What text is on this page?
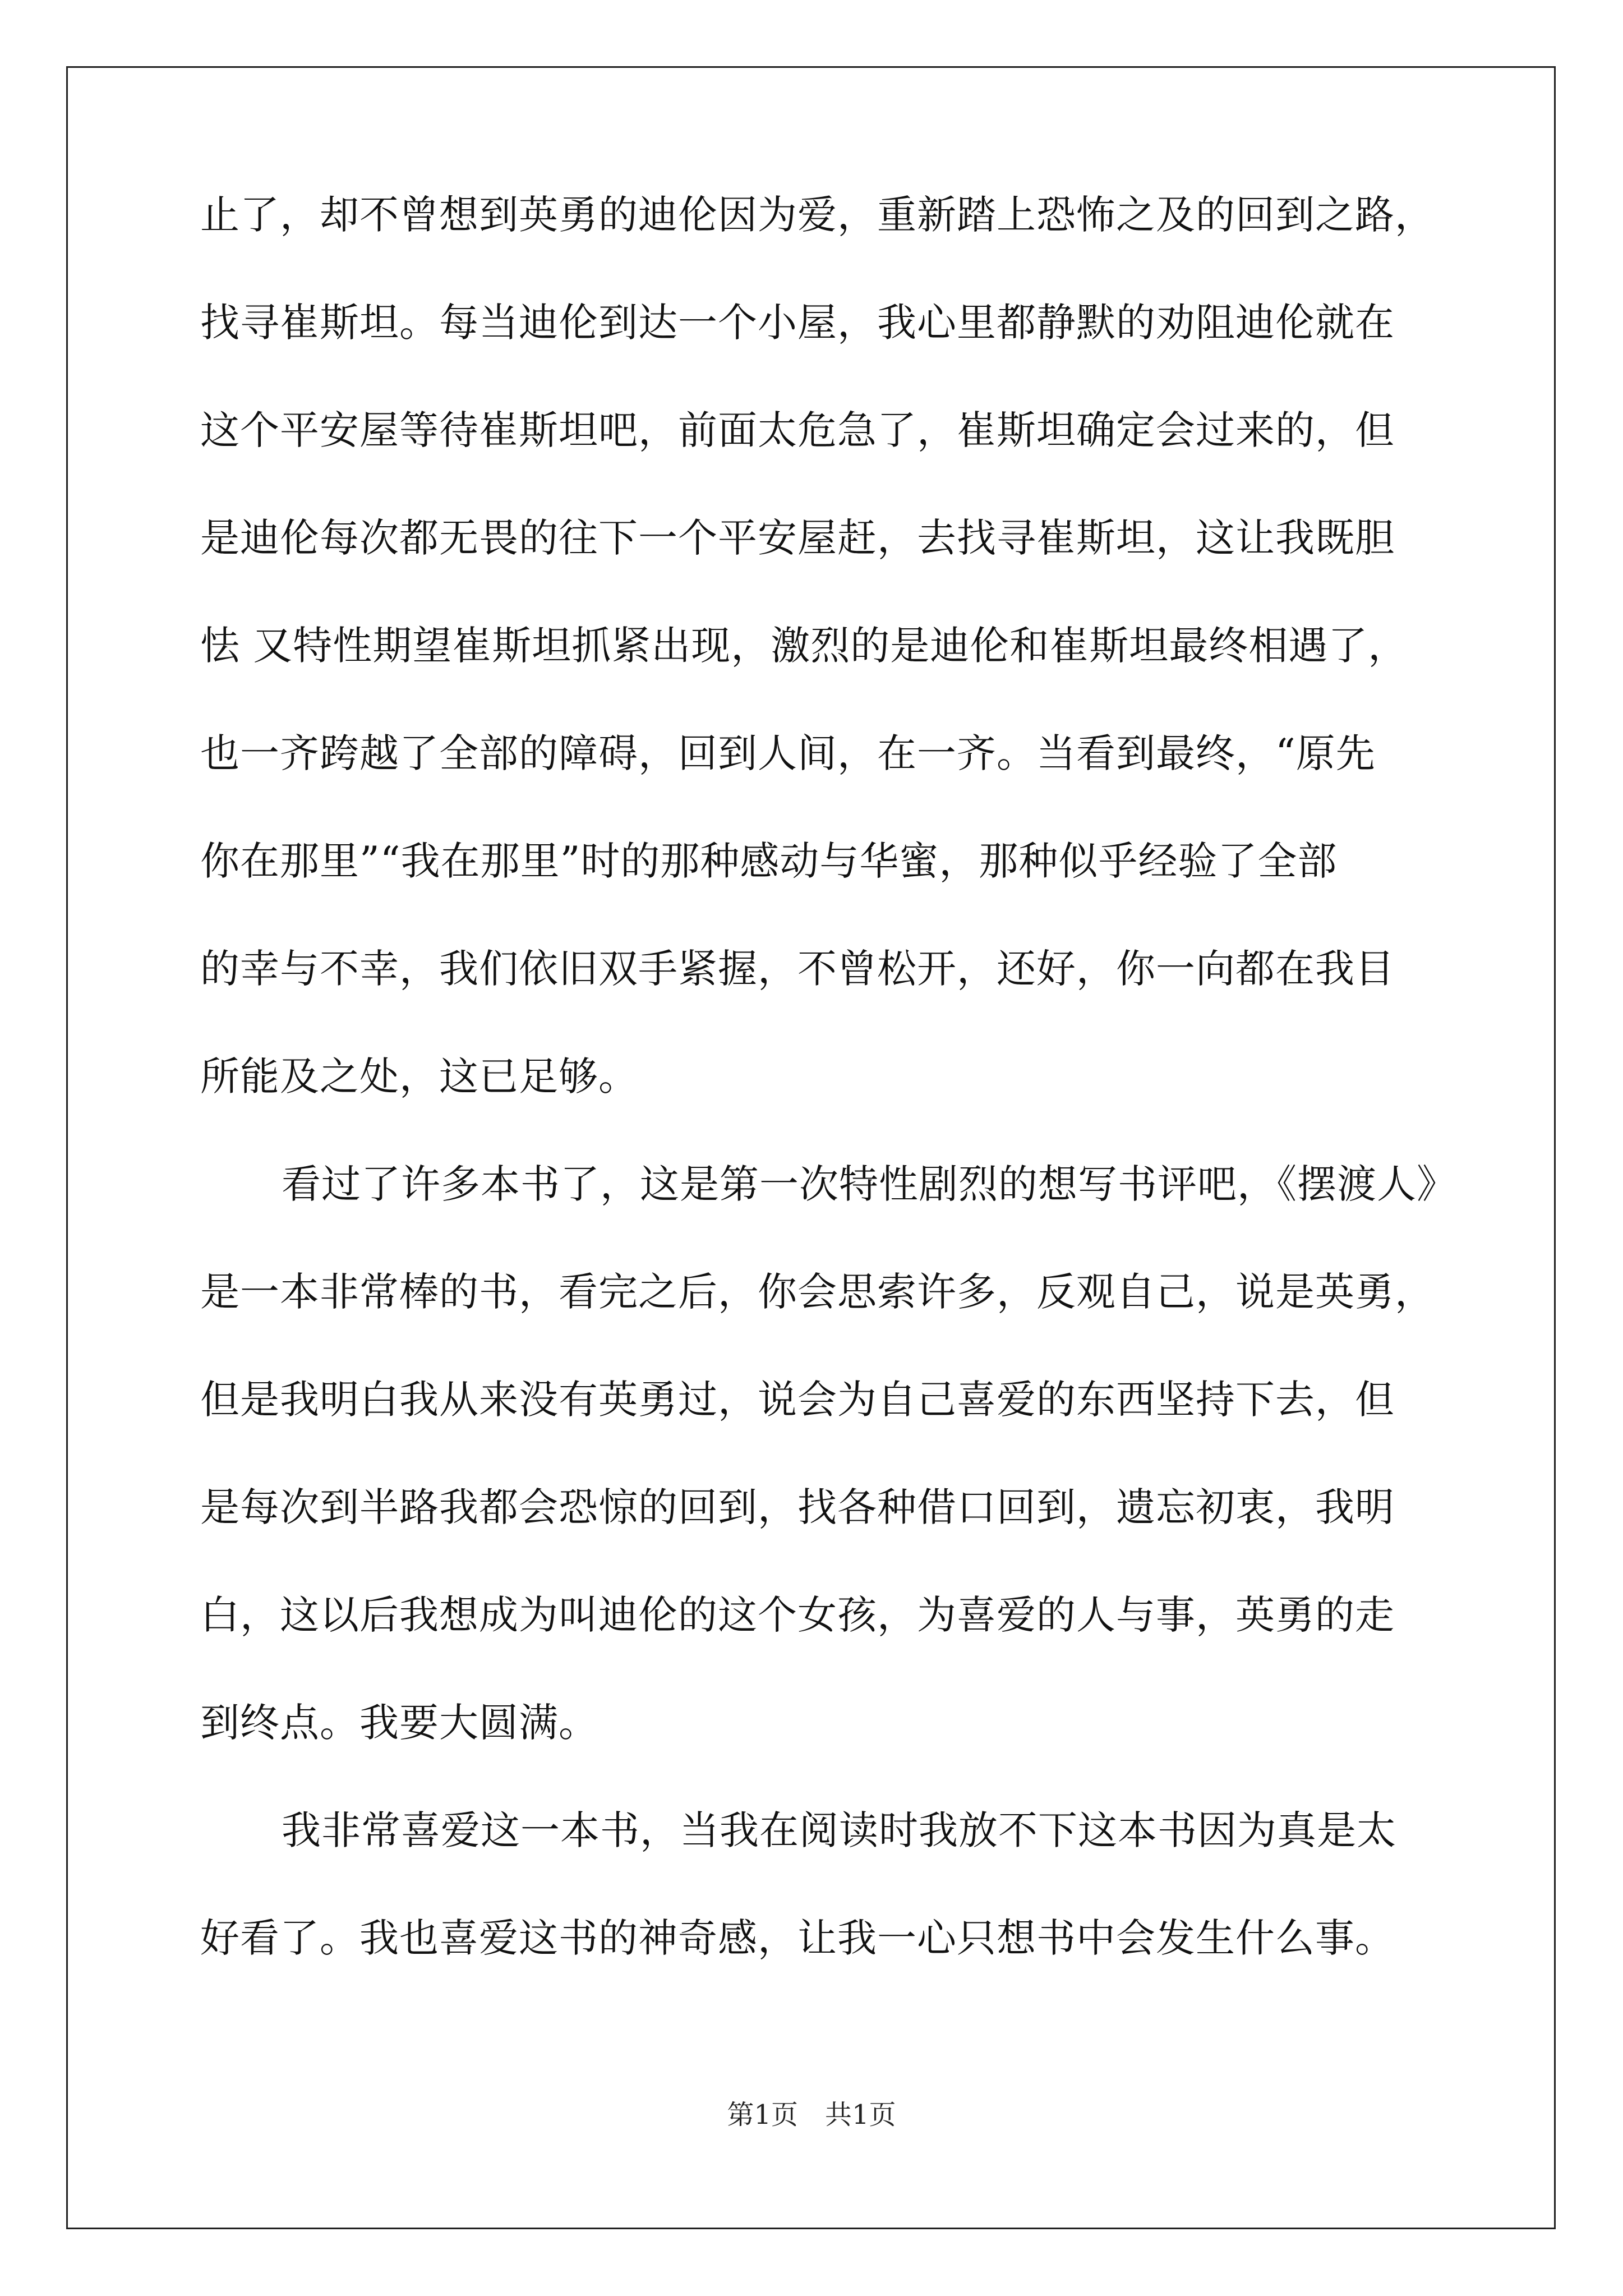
止了，却不曾想到英勇的迪伦因为爱，重新踏上恐怖之及的回到之路，
找寻崔斯坦。每当迪伦到达一个小屋，我心里都静默的劝阻迪伦就在
这个平安屋等待崔斯坦吧，前面太危急了，崔斯坦确定会过来的，但
是迪伦每次都无畏的往下一个平安屋赶，去找寻崔斯坦，这让我既胆
怯 又特性期望崔斯坦抓紧出现，激烈的是迪伦和崔斯坦最终相遇了，
也一齐跨越了全部的障碍，回到人间，在一齐。当看到最终，“原先
你在那里”“我在那里”时的那种感动与华蜜，那种似乎经验了全部
的幸与不幸，我们依旧双手紧握，不曾松开，还好，你一向都在我目
所能及之处，这已足够。
看过了许多本书了，这是第一次特性剧烈的想写书评吧，《摆渡人》
是一本非常棒的书，看完之后，你会思索许多，反观自己，说是英勇，
但是我明白我从来没有英勇过，说会为自己喜爱的东西坚持下去，但
是每次到半路我都会恐惊的回到，找各种借口回到，遗忘初衷，我明
白，这以后我想成为叫迪伦的这个女孩，为喜爱的人与事，英勇的走
到终点。我要大圆满。
我非常喜爱这一本书，当我在阅读时我放不下这本书因为真是太
好看了。我也喜爱这书的神奇感，让我一心只想书中会发生什么事。
第1页　共1页
